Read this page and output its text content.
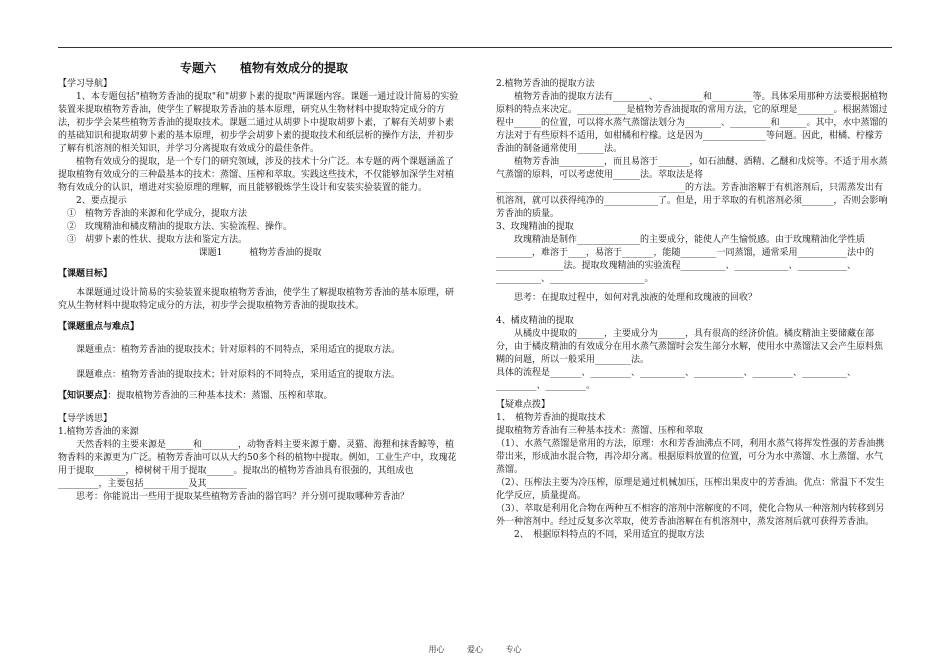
专题六 植物有效成分的提取

【学习导航】

1、本专题包括"植物芳香油的提取"和"胡萝卜素的提取"两课题内容。课题一通过设计简易的实验装置来提取植物芳香油，使学生了解提取芳香油的基本原理，研究从生物材料中提取特定成分的方法，初步学会某些植物芳香油的提取技术。课题二通过从胡萝卜中提取胡萝卜素，了解有关胡萝卜素的基础知识和提取胡萝卜素的基本原理，初步学会胡萝卜素的提取技术和纸层析的操作方法，并初步了解有机溶剂的相关知识，并学习分离提取有效成分的最佳条件。

植物有效成分的提取，是一个专门的研究领域，涉及的技术十分广泛。本专题的两个课题涵盖了提取植物有效成分的三种最基本的技术：蒸馏、压榨和萃取。实践这些技术，不仅能够加深学生对植物有效成分的认识，增进对实验原理的理解，而且能够锻炼学生设计和安装实验装置的能力。

2、要点提示

①　植物芳香油的来源和化学成分，提取方法

②　玫瑰精油和橘皮精油的提取方法、实验流程、操作。

③　胡萝卜素的性状、提取方法和鉴定方法。

课题1　　　植物芳香油的提取

【课题目标】

本课题通过设计简易的实验装置来提取植物芳香油，使学生了解提取植物芳香油的基本原理，研究从生物材料中提取特定成分的方法，初步学会提取植物芳香油的提取技术。

【课题重点与难点】

课题重点：植物芳香油的提取技术；针对原料的不同特点，采用适宜的提取方法。

课题难点：植物芳香油的提取技术；针对原料的不同特点，采用适宜的提取方法。

【知识要点】：提取植物芳香油的三种基本技术：蒸馏、压榨和萃取。

【导学诱思】

1.植物芳香油的来源

天然香料的主要来源是______和________，动物香料主要来源于麝、灵猫、海狸和抹香鲸等，植物香料的来源更为广泛。植物芳香油可以从大约50多个科的植物中提取。例如，工业生产中，玫瑰花用于提取_______，樟树树干用于提取______。提取出的植物芳香油具有很强的，其组成也_________，主要包括__________及其_________

思考：你能说出一些用于提取某些植物芳香油的器官吗？并分别可提取哪种芳香油？

2.植物芳香油的提取方法

植物芳香油的提取方法有________、__________和_________等。具体采用那种方法要根据植物原料的特点来决定。___________是植物芳香油提取的常用方法，它的原理是________。根据蒸馏过程中______的位置，可以将水蒸气蒸馏法划分为________、_________和______。其中，水中蒸馏的方法对于有些原料不适用，如柑橘和柠檬。这是因为______________等问题。因此，柑橘、柠檬芳香油的制备通常使用______法。

植物芳香油__________，而且易溶于_______，如石油醚、酒精、乙醚和戊烷等。不适于用水蒸气蒸馏的原料，可以考虑使用______法。萃取法是将__________________________________________的方法。芳香油溶解于有机溶剂后，只需蒸发出有机溶剂，就可以获得纯净的____________了。但是，用于萃取的有机溶剂必须_______，否则会影响芳香油的质量。

3、玫瑰精油的提取

玫瑰精油是制作______________的主要成分，能使人产生愉悦感。由于玫瑰精油化学性质________，难溶于____，易溶于_______，能随________一同蒸馏，通常采用___________法中的_______________法。提取玫瑰精油的实验流程__________、____________、___________、__________、_____________________。

思考：在提取过程中，如何对乳浊液的处理和玫瑰液的回收？

4、橘皮精油的提取

从橘皮中提取的______，主要成分为______，具有很高的经济价值。橘皮精油主要储藏在部分，由于橘皮精油的有效成分在用水蒸气蒸馏时会发生部分水解，使用水中蒸馏法又会产生原料焦糊的问题，所以一般采用________法。

具体的流程是_______、_________、__________、___________、_________、__________、_________、_________。

【疑难点拨】

1、　植物芳香油的提取技术

提取植物芳香油有三种基本技术：蒸馏、压榨和萃取

（1）、水蒸气蒸馏是常用的方法，原理：水和芳香油沸点不同，利用水蒸气将挥发性强的芳香油携带出来，形成油水混合物，再冷却分离。根据原料放置的位置，可分为水中蒸馏、水上蒸馏、水气蒸馏。

（2）、压榨法主要为冷压榨，原理是通过机械加压，压榨出果皮中的芳香油。优点：常温下不发生化学反应，质量提高。

（3）、萃取是利用化合物在两种互不相容的溶剂中溶解度的不同，使化合物从一种溶剂内转移到另外一种溶剂中。经过反复多次萃取，使芳香油溶解在有机溶剂中，蒸发溶剂后就可获得芳香油。

2、　根据原料特点的不同，采用适宜的提取方法

用心	爱心	专心
